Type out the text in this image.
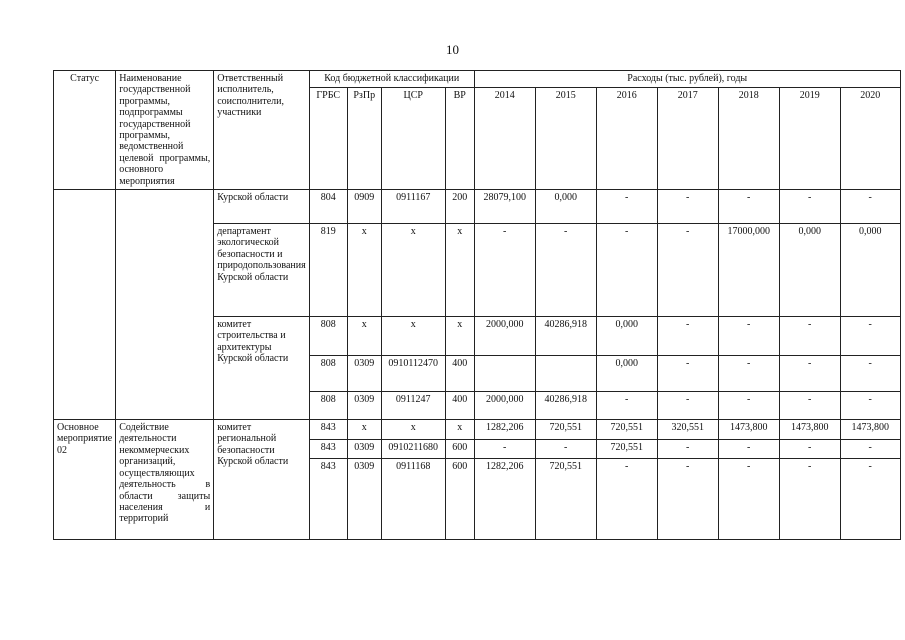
10
Статус	Наименование государственной программы, подпрограммы государственной программы, ведомственной целевой программы, основного мероприятия	Ответственный исполнитель, соисполнители, участники	Код бюджетной классификации				Расходы (тыс. рублей), годы						
			ГРБС	РзПр	ЦСР	ВР	2014	2015	2016	2017	2018	2019	2020
		Курской области	804	0909	0911167	200	28079,100	0,000	-	-	-	-	-
		департамент экологической безопасности и природопользования Курской области	819	х	х	х	-	-	-	-	17000,000	0,000	0,000
		комитет строительства и архитектуры Курской области	808	х	х	х	2000,000	40286,918	0,000	-	-	-	-
			808	0309	0910112470	400			0,000	-	-	-	-
			808	0309	0911247	400	2000,000	40286,918	-	-	-	-	-
Основное мероприятие 02	Содействие деятельности некоммерческих организаций, осуществляющих деятельность в области защиты населения и территорий	комитет региональной безопасности Курской области	843	х	х	х	1282,206	720,551	720,551	320,551	1473,800	1473,800	1473,800
			843	0309	0910211680	600	-	-	720,551	-	-	-	-
			843	0309	0911168	600	1282,206	720,551	-	-	-	-	-
